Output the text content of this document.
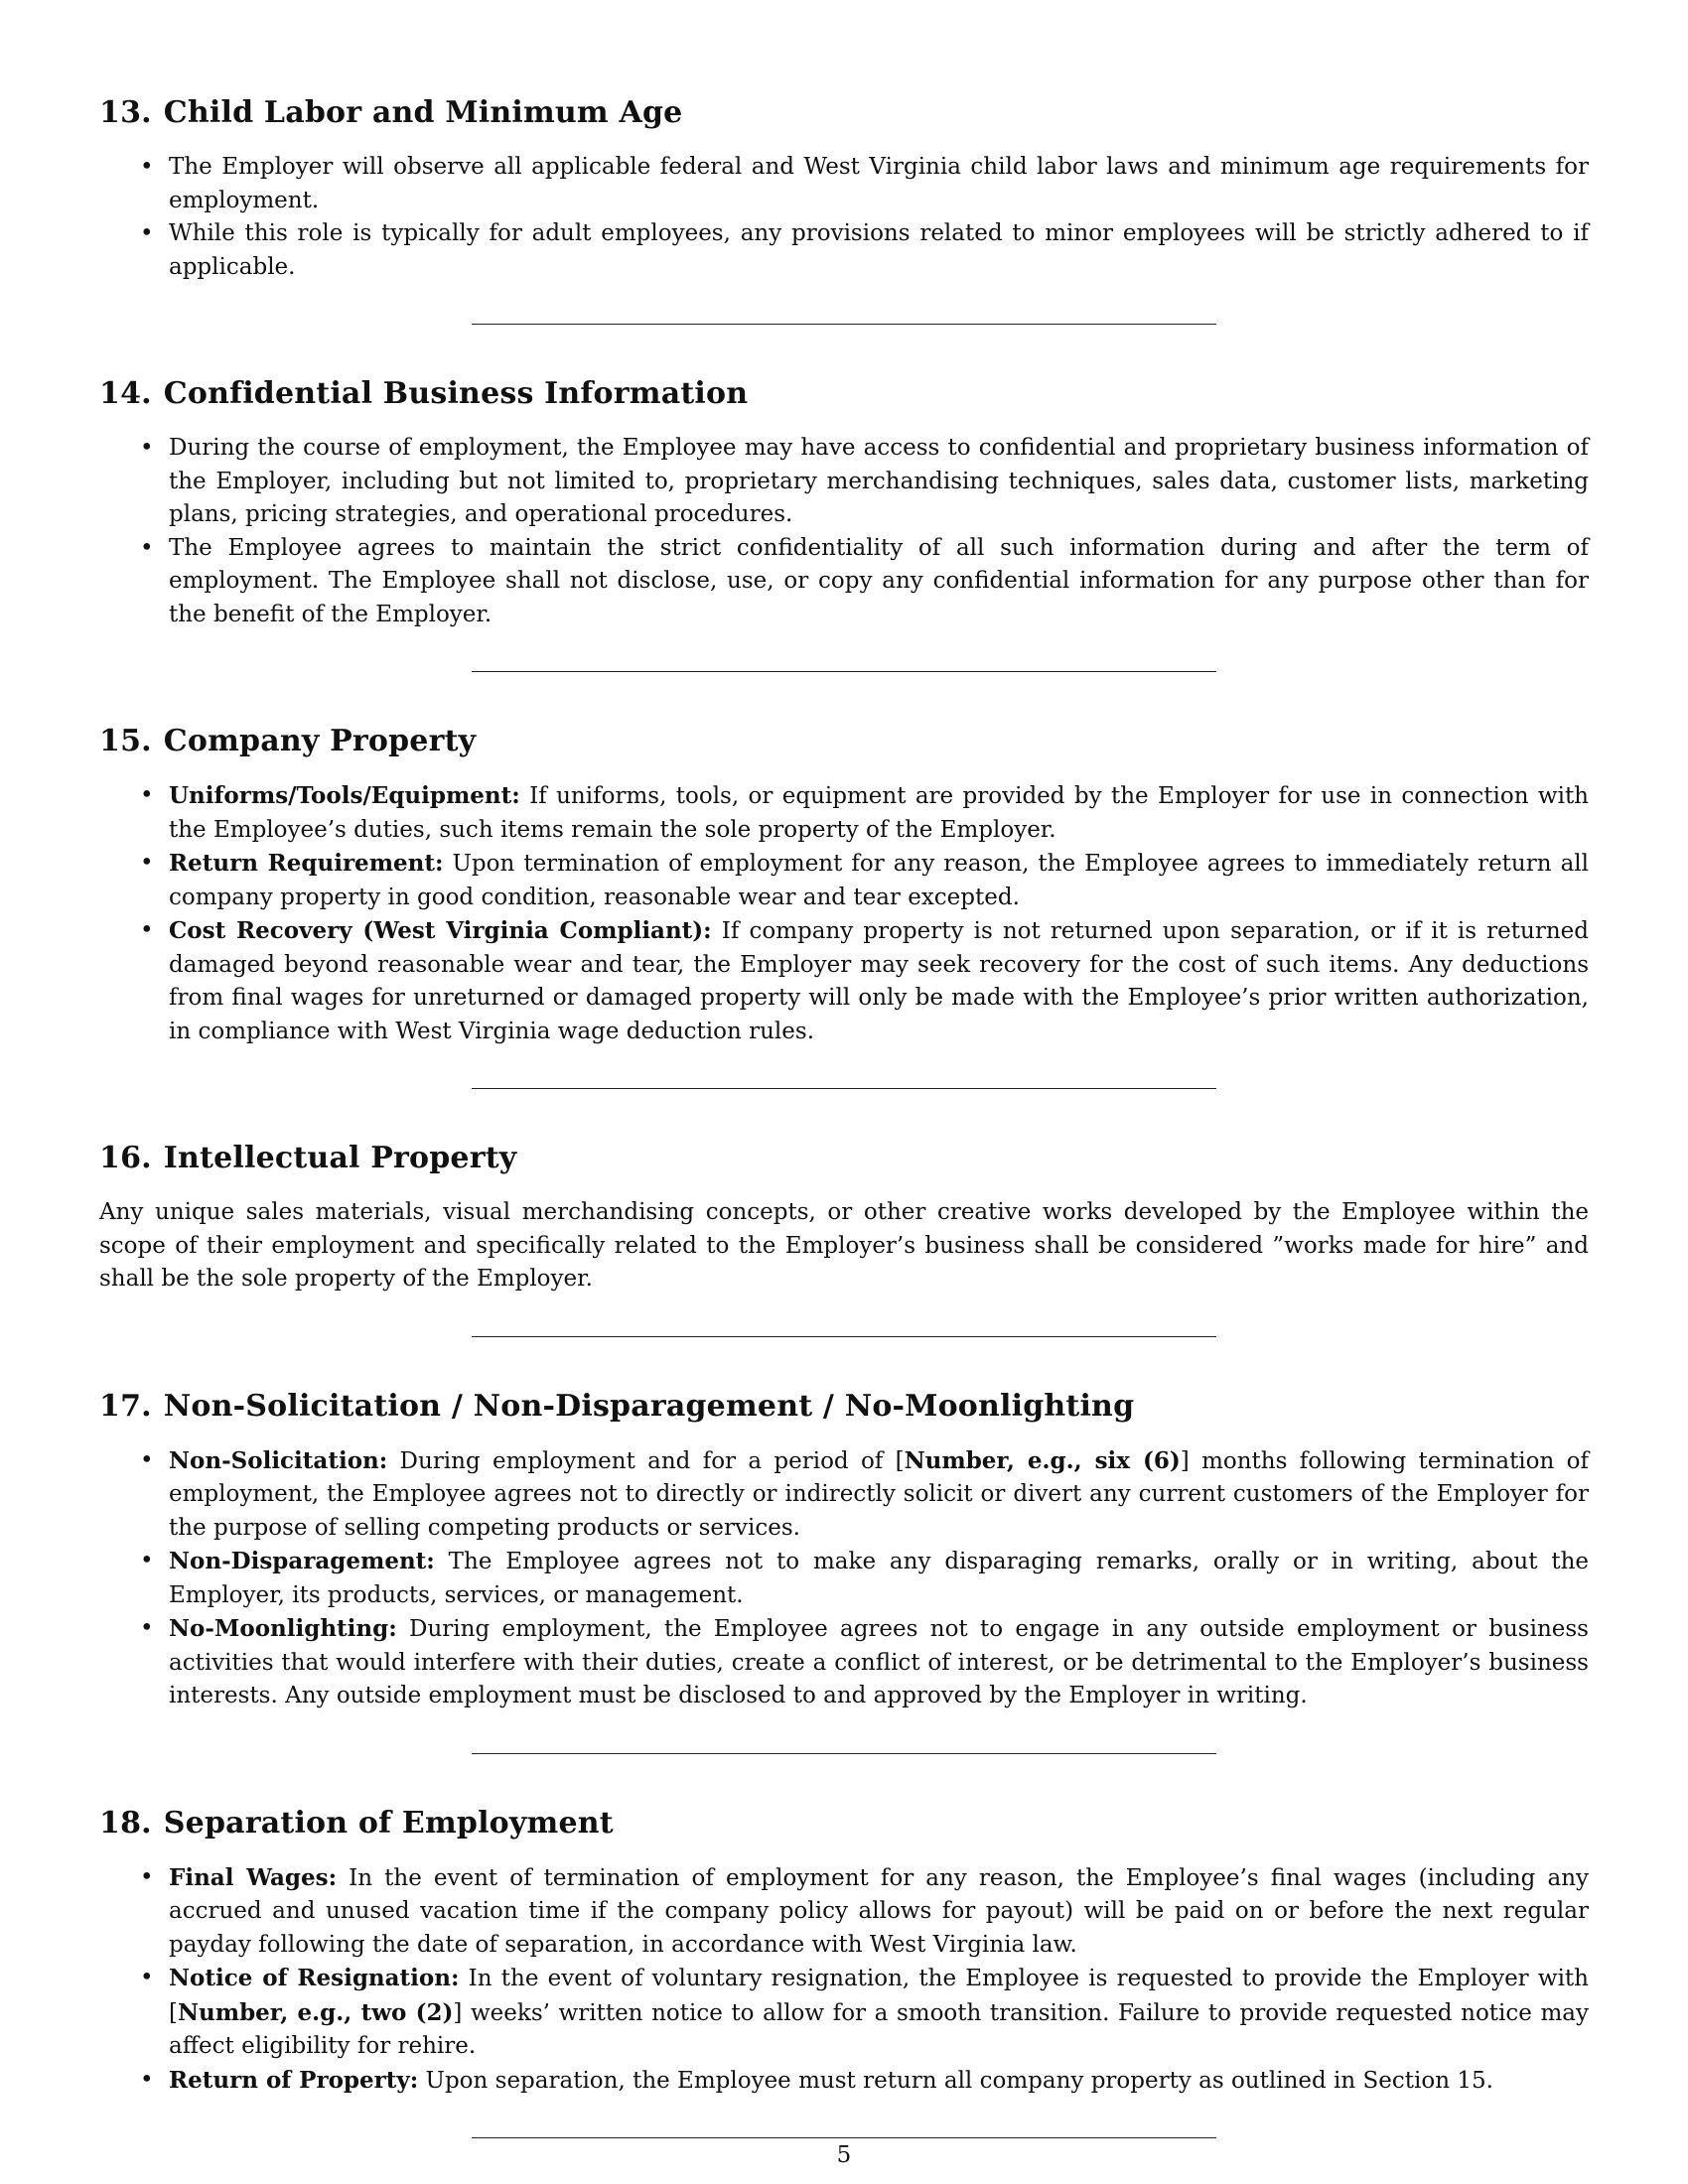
13. Child Labor and Minimum Age
• The Employer will observe all applicable federal and West Virginia child labor laws and minimum age requirements for employment.
• While this role is typically for adult employees, any provisions related to minor employees will be strictly adhered to if applicable.
14. Confidential Business Information
• During the course of employment, the Employee may have access to confidential and proprietary business information of the Employer, including but not limited to, proprietary merchandising techniques, sales data, customer lists, marketing plans, pricing strategies, and operational procedures.
• The Employee agrees to maintain the strict confidentiality of all such information during and after the term of employment. The Employee shall not disclose, use, or copy any confidential information for any purpose other than for the benefit of the Employer.
15. Company Property
• Uniforms/Tools/Equipment: If uniforms, tools, or equipment are provided by the Employer for use in connection with the Employee’s duties, such items remain the sole property of the Employer.
• Return Requirement: Upon termination of employment for any reason, the Employee agrees to immediately return all company property in good condition, reasonable wear and tear excepted.
• Cost Recovery (West Virginia Compliant): If company property is not returned upon separation, or if it is returned damaged beyond reasonable wear and tear, the Employer may seek recovery for the cost of such items. Any deductions from final wages for unreturned or damaged property will only be made with the Employee’s prior written authorization, in compliance with West Virginia wage deduction rules.
16. Intellectual Property

Any unique sales materials, visual merchandising concepts, or other creative works developed by the Employee within the scope of their employment and specifically related to the Employer’s business shall be considered ”works made for hire” and shall be the sole property of the Employer.

17. Non-Solicitation / Non-Disparagement / No-Moonlighting
• Non-Solicitation: During employment and for a period of [Number, e.g., six (6)] months following termination of employment, the Employee agrees not to directly or indirectly solicit or divert any current customers of the Employer for the purpose of selling competing products or services.
• Non-Disparagement: The Employee agrees not to make any disparaging remarks, orally or in writing, about the Employer, its products, services, or management.
• No-Moonlighting: During employment, the Employee agrees not to engage in any outside employment or business activities that would interfere with their duties, create a conflict of interest, or be detrimental to the Employer’s business interests. Any outside employment must be disclosed to and approved by the Employer in writing.
18. Separation of Employment
• Final Wages: In the event of termination of employment for any reason, the Employee’s final wages (including any accrued and unused vacation time if the company policy allows for payout) will be paid on or before the next regular payday following the date of separation, in accordance with West Virginia law.
• Notice of Resignation: In the event of voluntary resignation, the Employee is requested to provide the Employer with [Number, e.g., two (2)] weeks’ written notice to allow for a smooth transition. Failure to provide requested notice may affect eligibility for rehire.
• Return of Property: Upon separation, the Employee must return all company property as outlined in Section 15.
5
